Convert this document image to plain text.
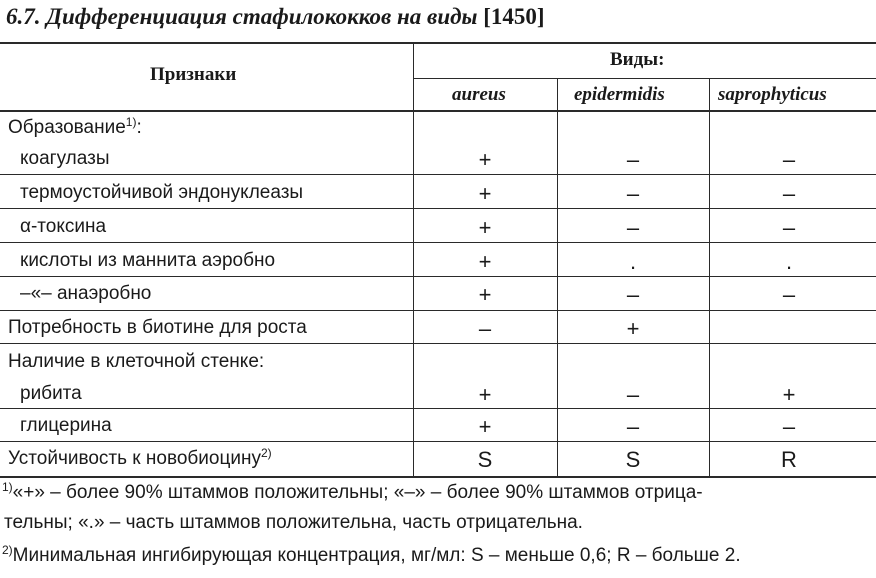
6.7. Дифференциация стафилококков на виды [1450]
Признаки
Виды:
aureus	epidermidis	saprophyticus
Образование$^{1)}$:
коагулазы	+	–	–
термоустойчивой эндонуклеазы	+	–	–
α-токсина	+	–	–
кислоты из маннита аэробно	+	.	.
–«– анаэробно	+	–	–
Потребность в биотине для роста	–	+
Наличие в клеточной стенке:
рибита	+	–	+
глицерина	+	–	–
Устойчивость к новобиоцину$^{2)}$	S	S	R
$^{1)}$«+» – более 90% штаммов положительны; «–» – более 90% штаммов отрица-
тельны; «.» – часть штаммов положительна, часть отрицательна.
$^{2)}$Минимальная ингибирующая концентрация, мг/мл: S – меньше 0,6; R – больше 2.
